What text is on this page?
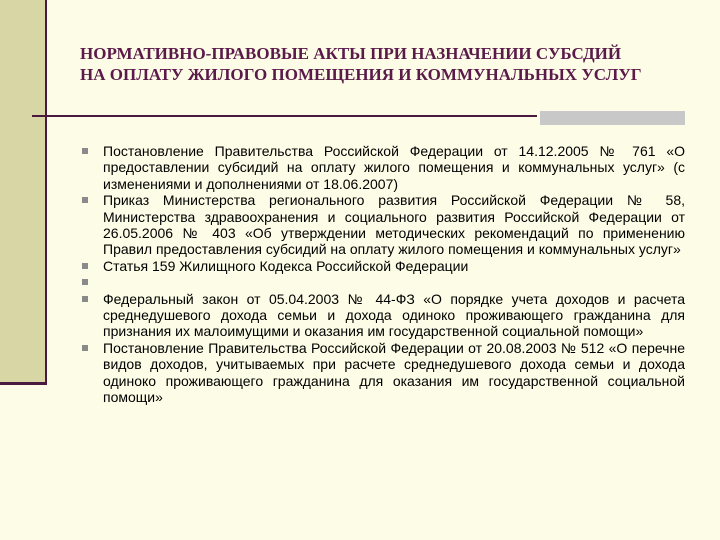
НОРМАТИВНО-ПРАВОВЫЕ АКТЫ ПРИ НАЗНАЧЕНИИ СУБСДИЙ
НА ОПЛАТУ ЖИЛОГО ПОМЕЩЕНИЯ И КОММУНАЛЬНЫХ УСЛУГ
Постановление Правительства Российской Федерации от 14.12.2005 № 761 «О предоставлении субсидий на оплату жилого помещения и коммунальных услуг» (с изменениями и дополнениями от 18.06.2007)
Приказ Министерства регионального развития Российской Федерации № 58, Министерства здравоохранения и социального развития Российской Федерации от 26.05.2006 № 403 «Об утверждении методических рекомендаций по применению Правил предоставления субсидий на оплату жилого помещения и коммунальных услуг»
Статья 159 Жилищного Кодекса Российской Федерации
Федеральный закон от 05.04.2003 № 44-ФЗ «О порядке учета доходов и расчета среднедушевого дохода семьи и дохода одиноко проживающего гражданина для признания их малоимущими и оказания им государственной социальной помощи»
Постановление Правительства Российской Федерации от 20.08.2003 № 512 «О перечне видов доходов, учитываемых при расчете среднедушевого дохода семьи и дохода одиноко проживающего гражданина для оказания им государственной социальной помощи»
